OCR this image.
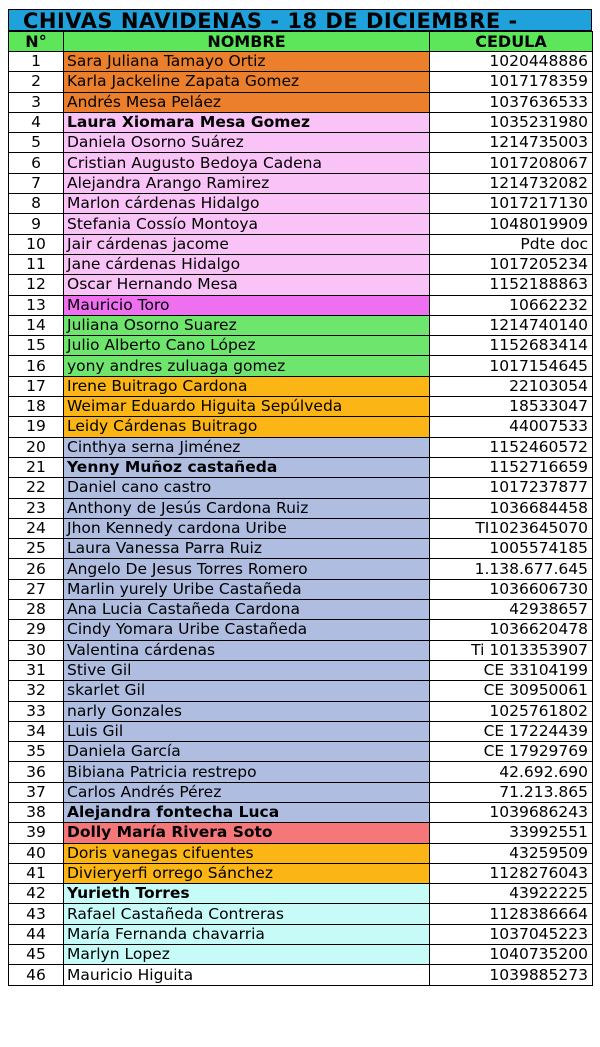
CHIVAS NAVIDENAS - 18 DE DICIEMBRE -
N°	NOMBRE	CEDULA
1	Sara Juliana Tamayo Ortiz	1020448886
2	Karla Jackeline Zapata Gomez	1017178359
3	Andrés Mesa Peláez	1037636533
4	Laura Xiomara Mesa Gomez	1035231980
5	Daniela Osorno Suárez	1214735003
6	Cristian Augusto Bedoya Cadena	1017208067
7	Alejandra Arango Ramirez	1214732082
8	Marlon cárdenas Hidalgo	1017217130
9	Stefania Cossío Montoya	1048019909
10	Jair cárdenas jacome	Pdte doc
11	Jane cárdenas Hidalgo	1017205234
12	Oscar Hernando Mesa	1152188863
13	Mauricio Toro	10662232
14	Juliana Osorno Suarez	1214740140
15	Julio Alberto Cano López	1152683414
16	yony andres zuluaga gomez	1017154645
17	Irene Buitrago Cardona	22103054
18	Weimar Eduardo Higuita Sepúlveda	18533047
19	Leidy Cárdenas Buitrago	44007533
20	Cinthya serna Jiménez	1152460572
21	Yenny Muñoz castañeda	1152716659
22	Daniel cano castro	1017237877
23	Anthony de Jesús Cardona Ruiz	1036684458
24	Jhon Kennedy cardona Uribe	TI1023645070
25	Laura Vanessa Parra Ruiz	1005574185
26	Angelo De Jesus Torres Romero	1.138.677.645
27	Marlin yurely Uribe Castañeda	1036606730
28	Ana Lucia Castañeda Cardona	42938657
29	Cindy Yomara Uribe Castañeda	1036620478
30	Valentina cárdenas	Ti 1013353907
31	Stive Gil	CE 33104199
32	skarlet Gil	CE 30950061
33	narly Gonzales	1025761802
34	Luis Gil	CE 17224439
35	Daniela García	CE 17929769
36	Bibiana Patricia restrepo	42.692.690
37	Carlos Andrés Pérez	71.213.865
38	Alejandra fontecha Luca	1039686243
39	Dolly María Rivera Soto	33992551
40	Doris vanegas cifuentes	43259509
41	Divieryerfi orrego Sánchez	1128276043
42	Yurieth Torres	43922225
43	Rafael Castañeda Contreras	1128386664
44	María Fernanda chavarria	1037045223
45	Marlyn Lopez	1040735200
46	Mauricio Higuita	1039885273
